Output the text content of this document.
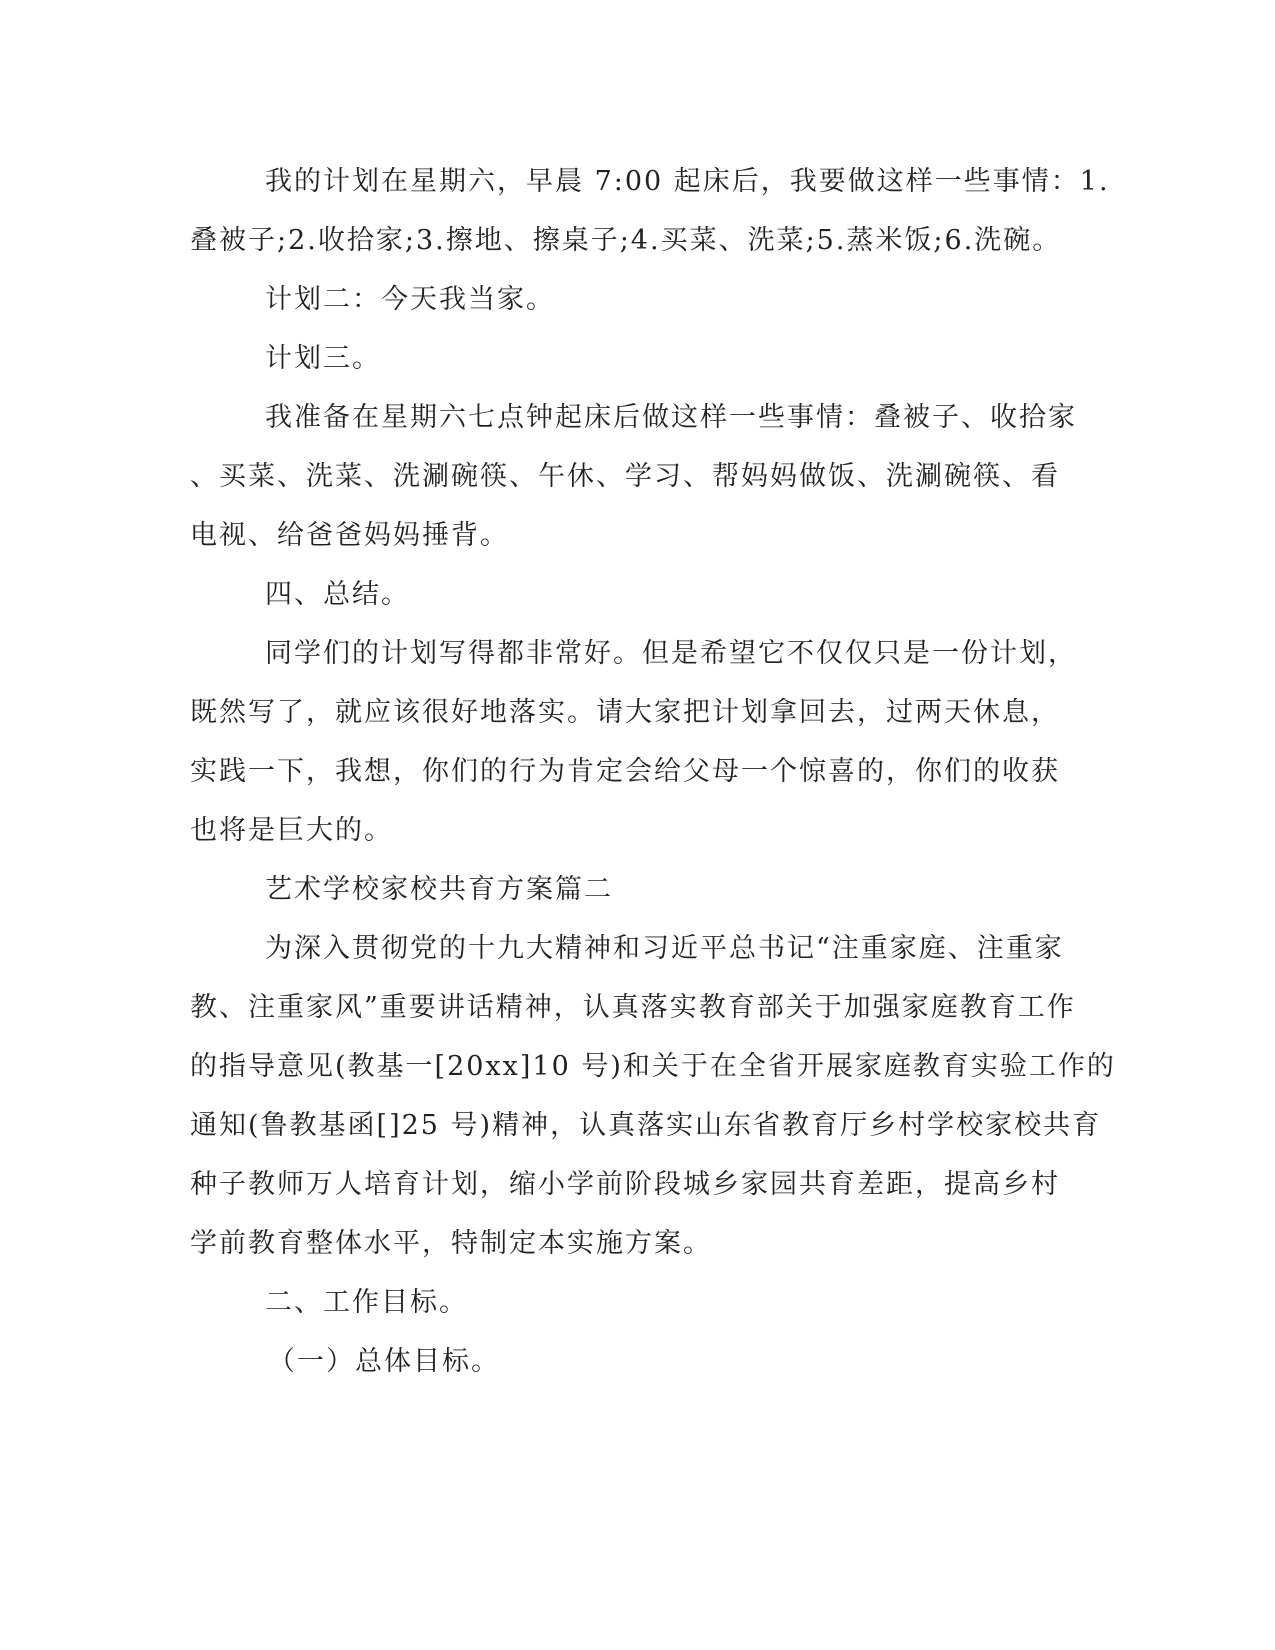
我的计划在星期六，早晨 7:00 起床后，我要做这样一些事情：1.
叠被子;2.收拾家;3.擦地、擦桌子;4.买菜、洗菜;5.蒸米饭;6.洗碗。
计划二：今天我当家。
计划三。
我准备在星期六七点钟起床后做这样一些事情：叠被子、收拾家
、买菜、洗菜、洗涮碗筷、午休、学习、帮妈妈做饭、洗涮碗筷、看
电视、给爸爸妈妈捶背。
四、总结。
同学们的计划写得都非常好。但是希望它不仅仅只是一份计划，
既然写了，就应该很好地落实。请大家把计划拿回去，过两天休息，
实践一下，我想，你们的行为肯定会给父母一个惊喜的，你们的收获
也将是巨大的。
艺术学校家校共育方案篇二
为深入贯彻党的十九大精神和习近平总书记“注重家庭、注重家
教、注重家风”重要讲话精神，认真落实教育部关于加强家庭教育工作
的指导意见(教基一[20xx]10 号)和关于在全省开展家庭教育实验工作的
通知(鲁教基函[]25 号)精神，认真落实山东省教育厅乡村学校家校共育
种子教师万人培育计划，缩小学前阶段城乡家园共育差距，提高乡村
学前教育整体水平，特制定本实施方案。
二、工作目标。
（一）总体目标。
